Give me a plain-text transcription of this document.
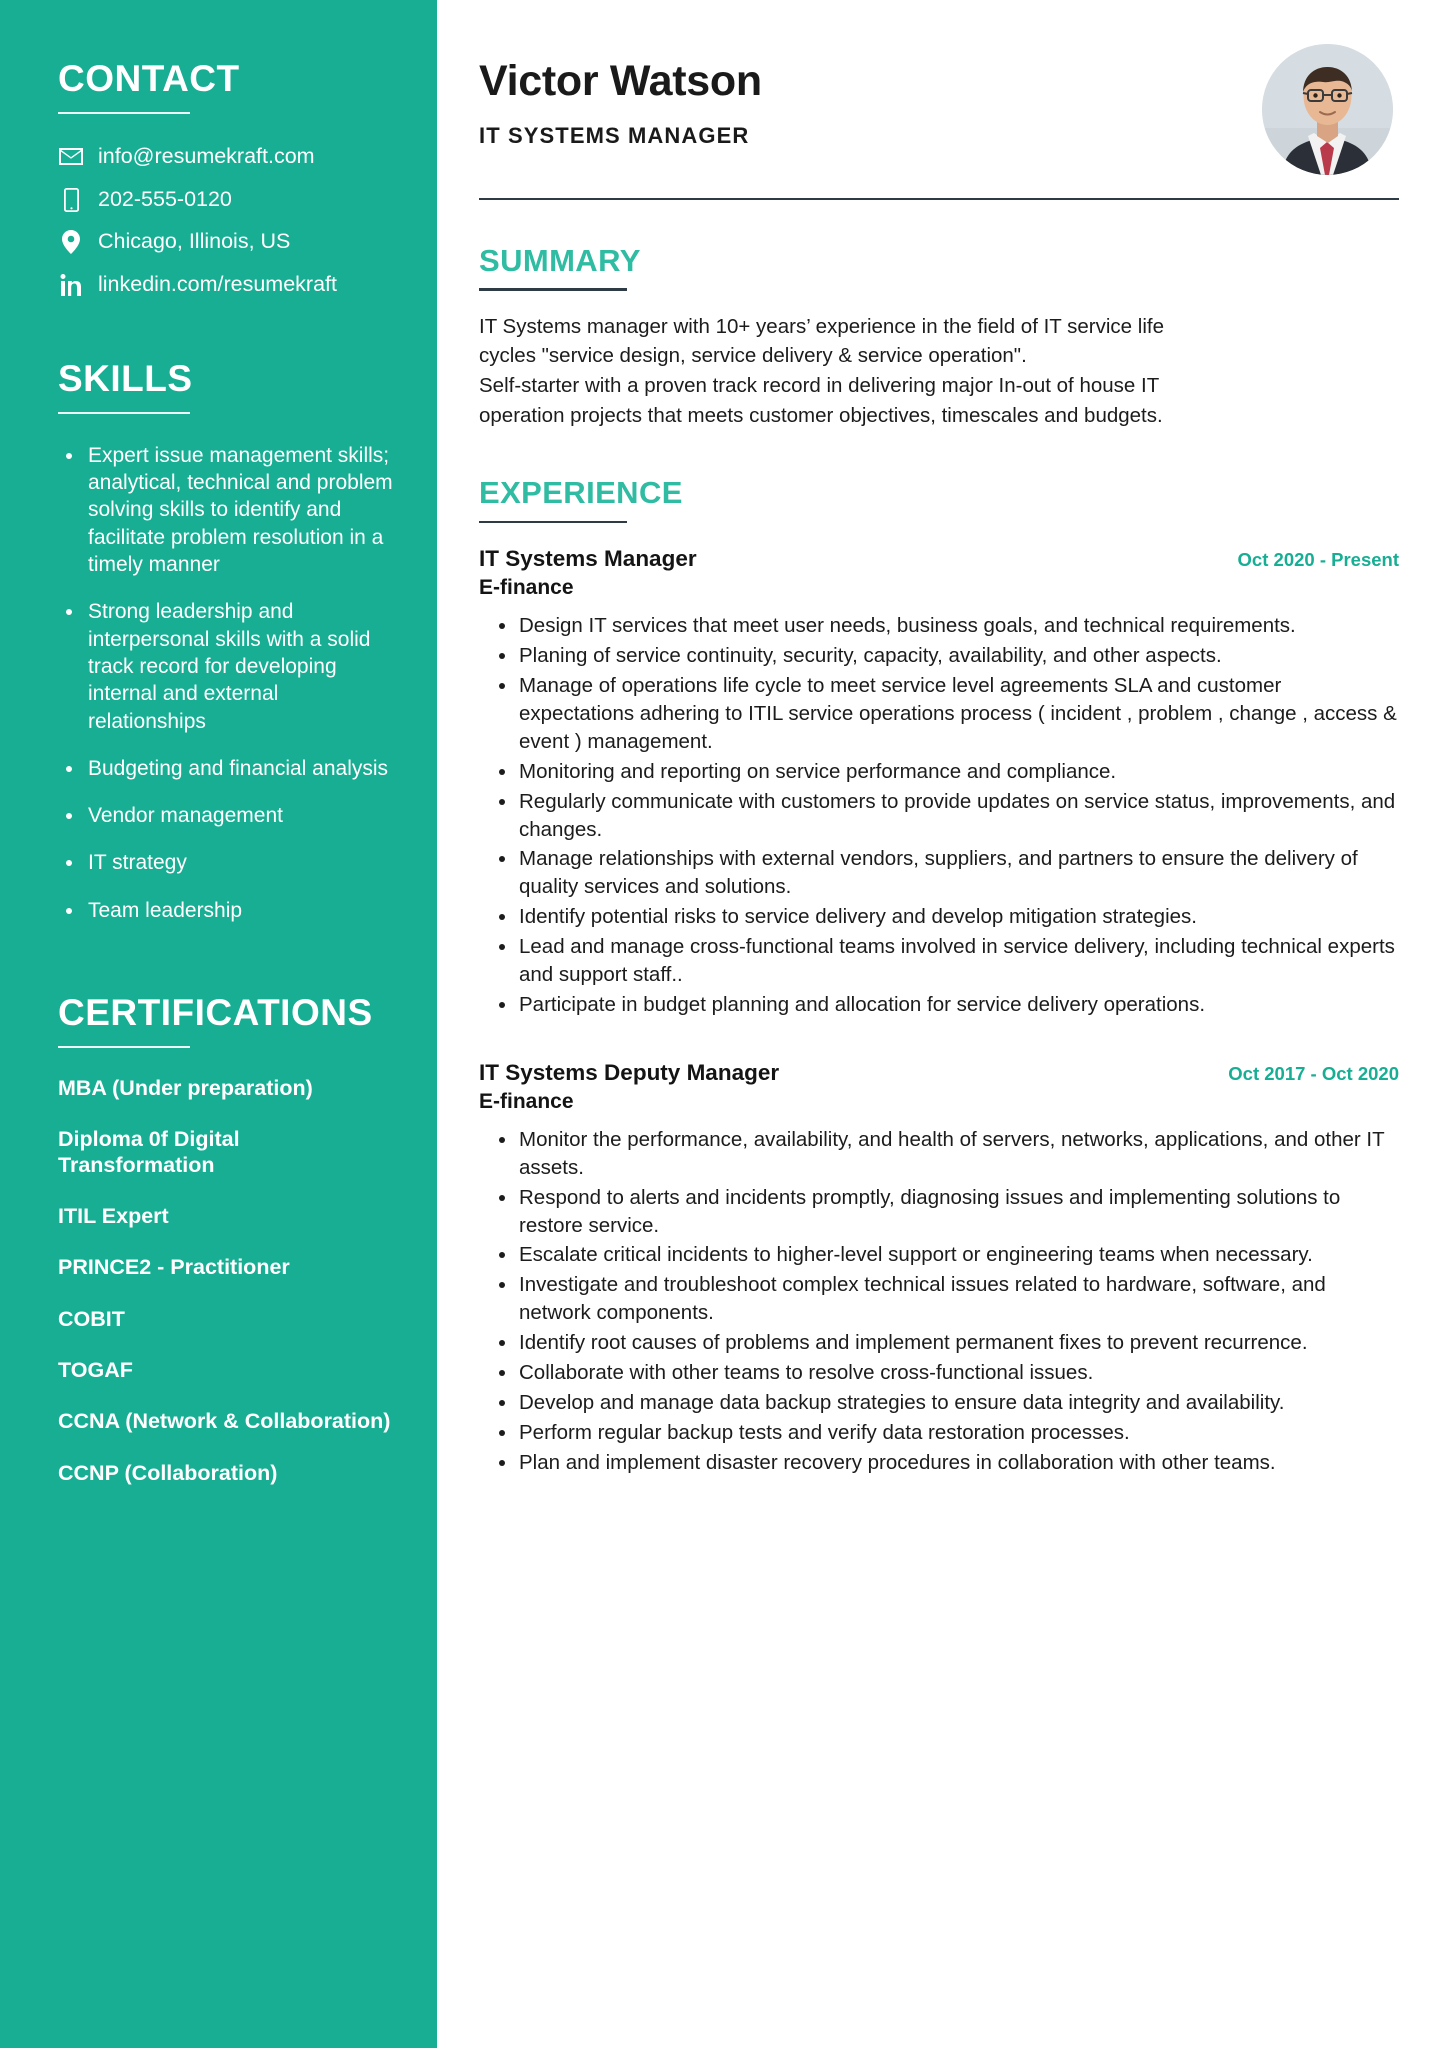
CONTACT
info@resumekraft.com
202-555-0120
Chicago, Illinois, US
linkedin.com/resumekraft
SKILLS
Expert issue management skills; analytical, technical and problem solving skills to identify and facilitate problem resolution in a timely manner
Strong leadership and interpersonal skills with a solid track record for developing internal and external relationships
Budgeting and financial analysis
Vendor management
IT strategy
Team leadership
CERTIFICATIONS
MBA (Under preparation)
Diploma 0f Digital Transformation
ITIL Expert
PRINCE2 - Practitioner
COBIT
TOGAF
CCNA (Network & Collaboration)
CCNP (Collaboration)
Victor Watson
IT SYSTEMS MANAGER
SUMMARY

IT Systems manager with 10+ years’ experience in the field of IT service life

cycles "service design, service delivery & service operation".

Self-starter with a proven track record in delivering major In-out of house IT

operation projects that meets customer objectives, timescales and budgets.

EXPERIENCE
IT Systems Manager	Oct 2020 - Present
E-finance
Design IT services that meet user needs, business goals, and technical requirements.
Planing of service continuity, security, capacity, availability, and other aspects.
Manage of operations life cycle to meet service level agreements SLA and customer expectations adhering to ITIL service operations process ( incident , problem , change , access & event ) management.
Monitoring and reporting on service performance and compliance.
Regularly communicate with customers to provide updates on service status, improvements, and changes.
Manage relationships with external vendors, suppliers, and partners to ensure the delivery of quality services and solutions.
Identify potential risks to service delivery and develop mitigation strategies.
Lead and manage cross-functional teams involved in service delivery, including technical experts and support staff..
Participate in budget planning and allocation for service delivery operations.
IT Systems Deputy Manager	Oct 2017 - Oct 2020
E-finance
Monitor the performance, availability, and health of servers, networks, applications, and other IT assets.
Respond to alerts and incidents promptly, diagnosing issues and implementing solutions to restore service.
Escalate critical incidents to higher-level support or engineering teams when necessary.
Investigate and troubleshoot complex technical issues related to hardware, software, and network components.
Identify root causes of problems and implement permanent fixes to prevent recurrence.
Collaborate with other teams to resolve cross-functional issues.
Develop and manage data backup strategies to ensure data integrity and availability.
Perform regular backup tests and verify data restoration processes.
Plan and implement disaster recovery procedures in collaboration with other teams.
